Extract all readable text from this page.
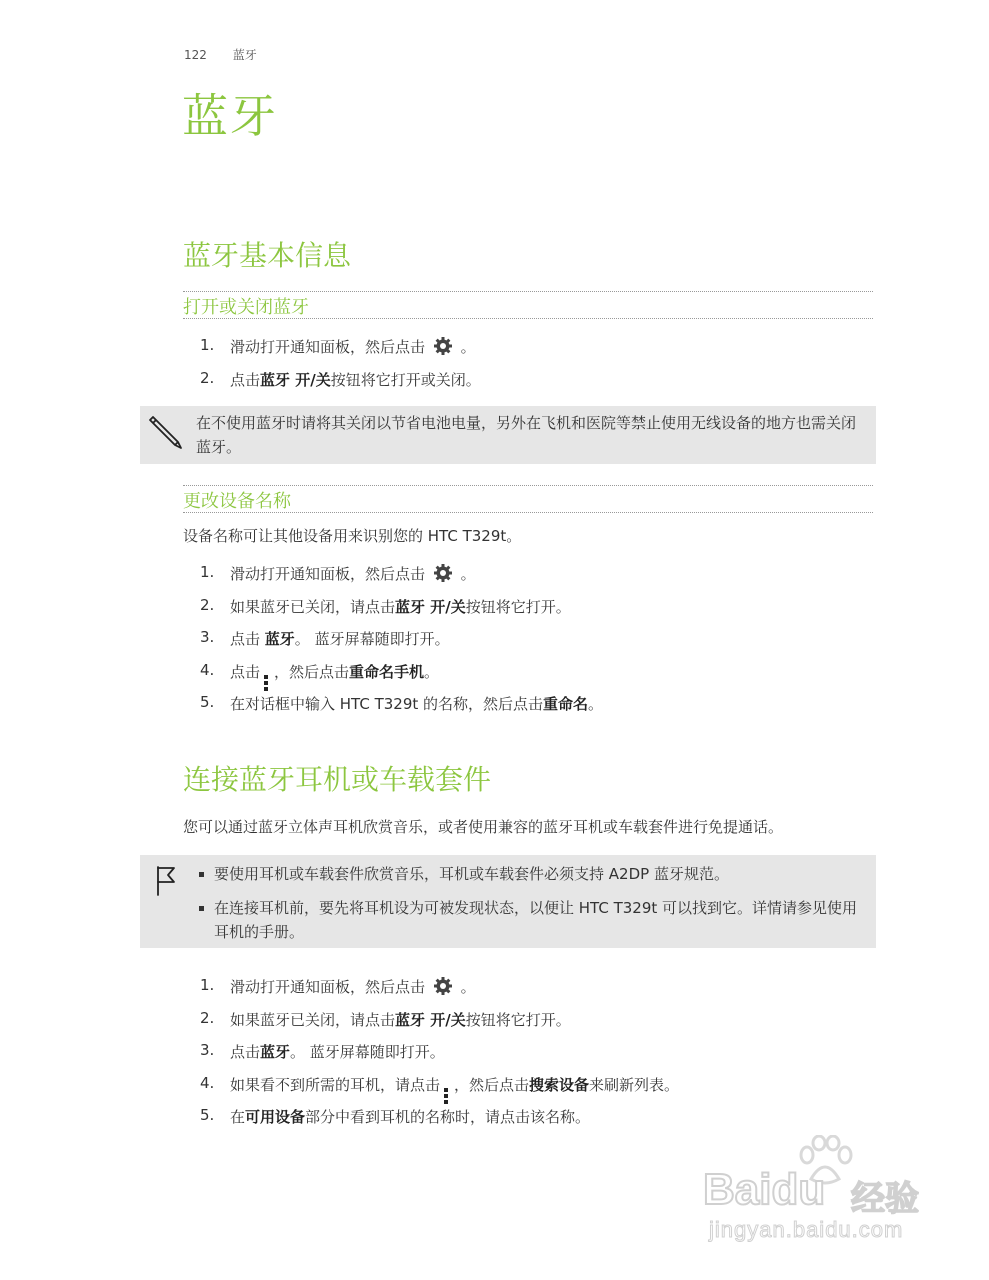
122 蓝牙
蓝牙
蓝牙基本信息
打开或关闭蓝牙
1.	滑动打开通知面板，然后点击 。
2.	点击蓝牙 开/关按钮将它打开或关闭。
在不使用蓝牙时请将其关闭以节省电池电量，另外在飞机和医院等禁止使用无线设备的地方也需关闭蓝牙。
更改设备名称
设备名称可让其他设备用来识别您的 HTC T329t。
1.	滑动打开通知面板，然后点击 。
2.	如果蓝牙已关闭，请点击蓝牙 开/关按钮将它打开。
3.	点击 蓝牙。 蓝牙屏幕随即打开。
4.	点击 ，然后点击重命名手机。
5.	在对话框中输入 HTC T329t 的名称，然后点击重命名。
连接蓝牙耳机或车载套件
您可以通过蓝牙立体声耳机欣赏音乐，或者使用兼容的蓝牙耳机或车载套件进行免提通话。
要使用耳机或车载套件欣赏音乐，耳机或车载套件必须支持 A2DP 蓝牙规范。
在连接耳机前，要先将耳机设为可被发现状态，以便让 HTC T329t 可以找到它。详情请参见使用耳机的手册。
1.	滑动打开通知面板，然后点击 。
2.	如果蓝牙已关闭，请点击蓝牙 开/关按钮将它打开。
3.	点击蓝牙。 蓝牙屏幕随即打开。
4.	如果看不到所需的耳机，请点击 ，然后点击搜索设备来刷新列表。
5.	在可用设备部分中看到耳机的名称时，请点击该名称。
Baidu 经验
jingyan.baidu.com
